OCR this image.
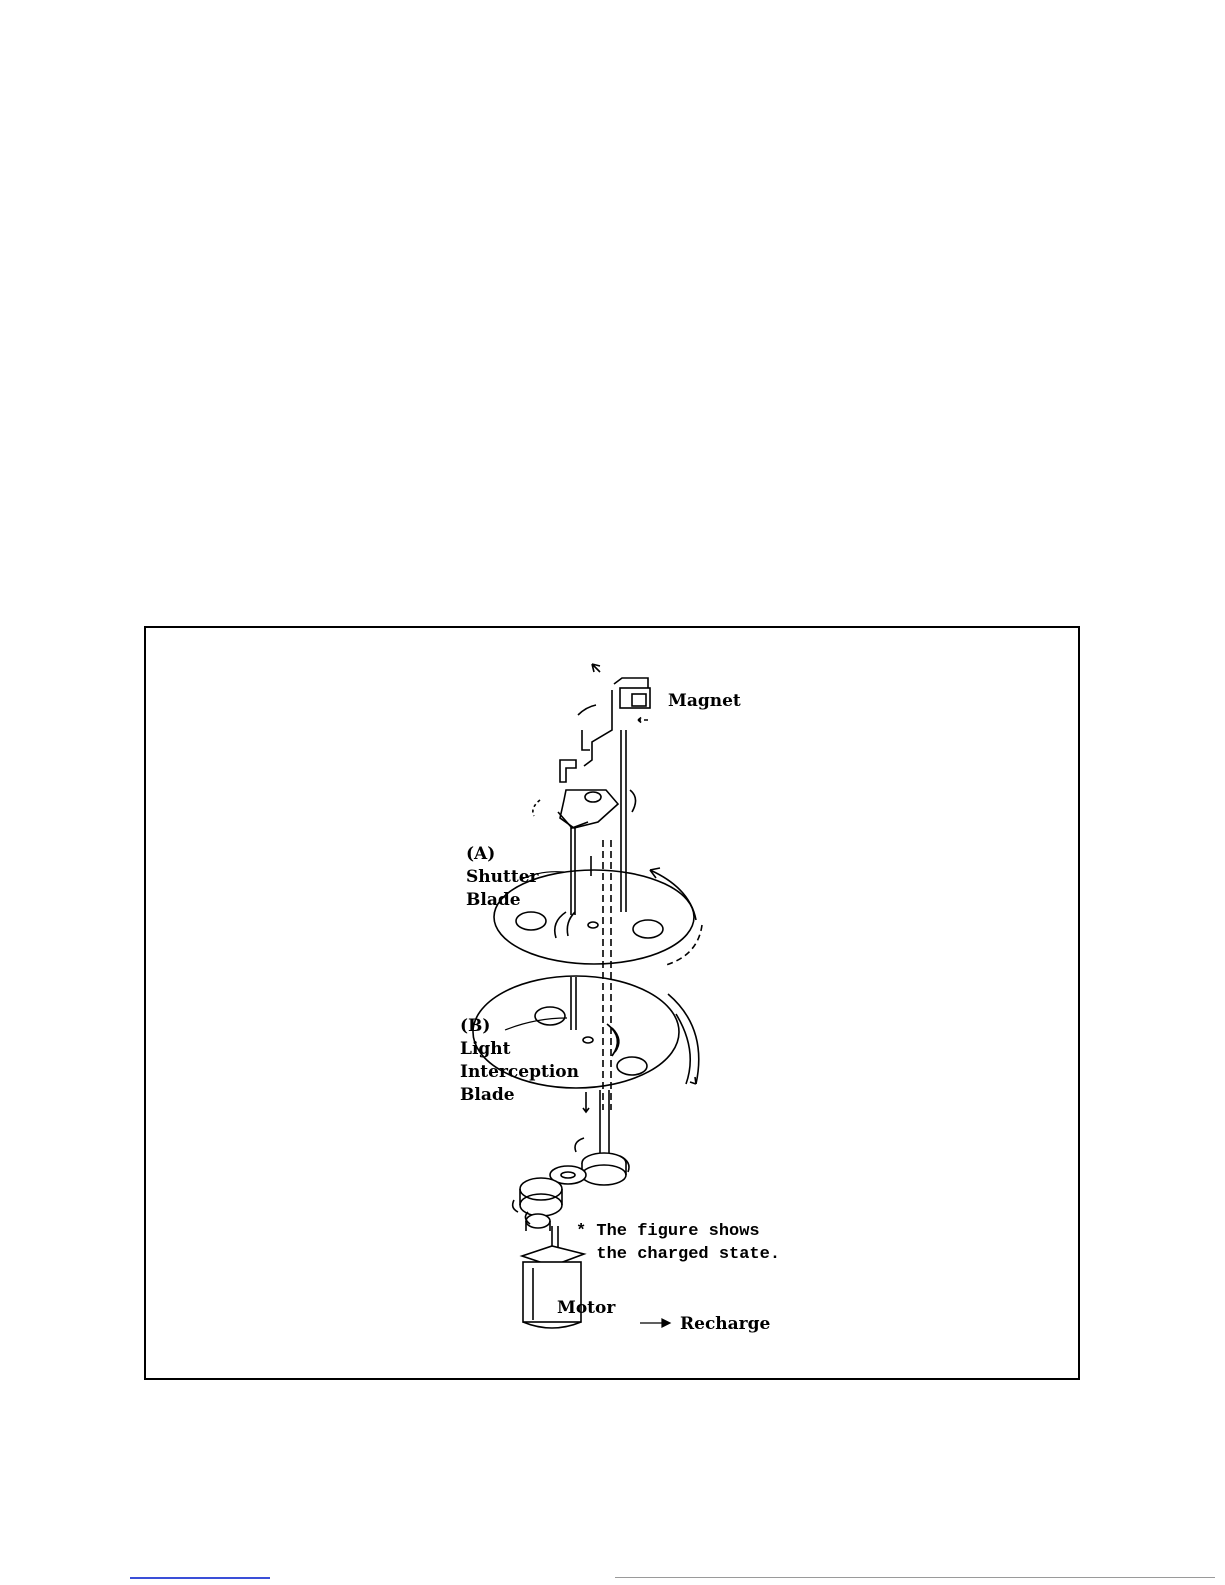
Magnet
(A)
Shutter
Blade
(B)
Light
Interception
Blade
* The figure shows
the charged state.
Motor
Recharge
